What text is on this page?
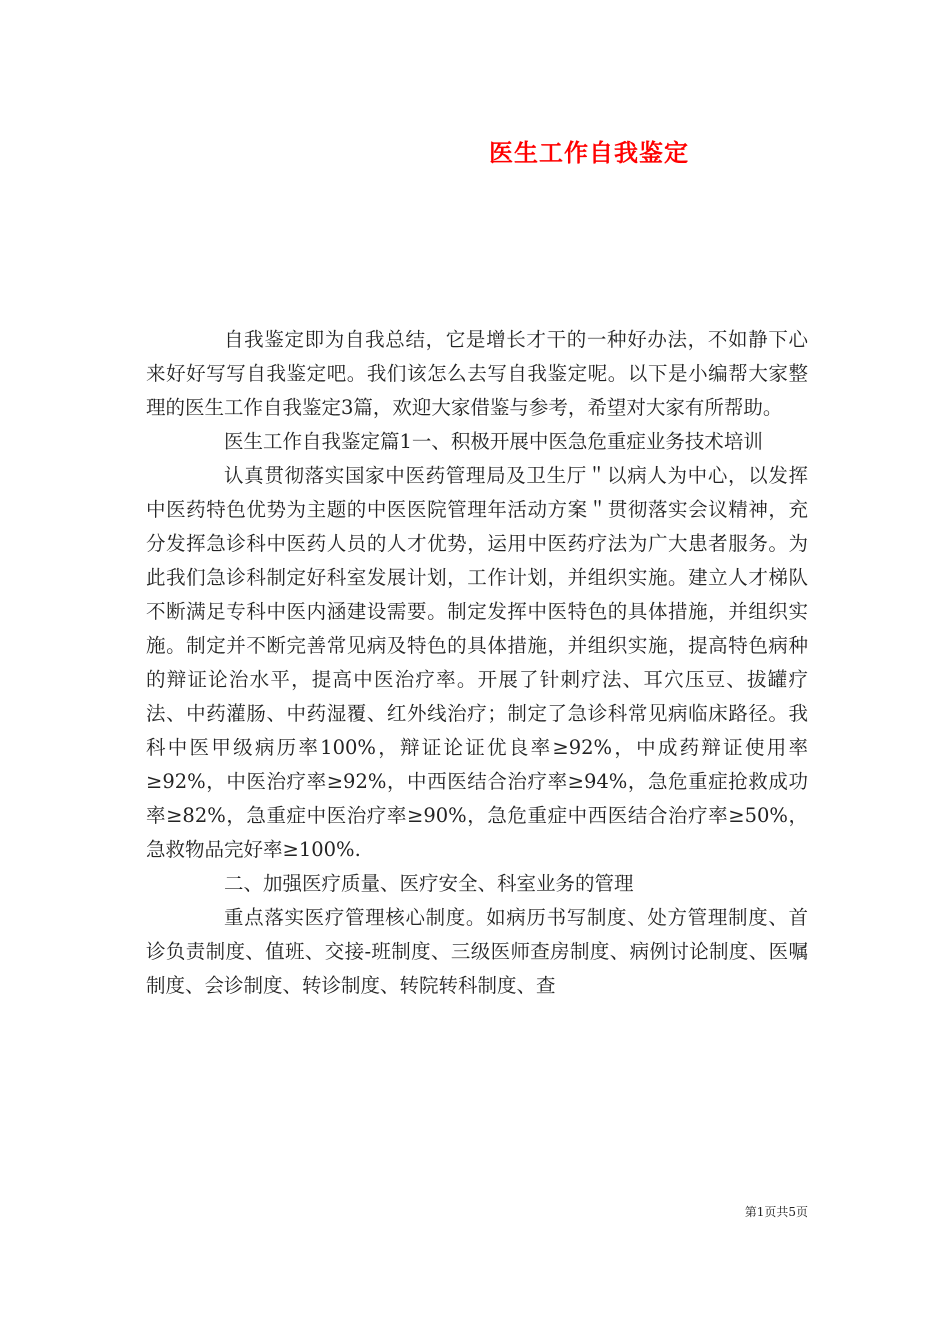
医生工作自我鉴定

自我鉴定即为自我总结，它是增长才干的一种好办法，不如静下心来好好写写自我鉴定吧。我们该怎么去写自我鉴定呢。以下是小编帮大家整理的医生工作自我鉴定3篇，欢迎大家借鉴与参考，希望对大家有所帮助。

医生工作自我鉴定篇1一、积极开展中医急危重症业务技术培训

认真贯彻落实国家中医药管理局及卫生厅＂以病人为中心，以发挥中医药特色优势为主题的中医医院管理年活动方案＂贯彻落实会议精神，充分发挥急诊科中医药人员的人才优势，运用中医药疗法为广大患者服务。为此我们急诊科制定好科室发展计划，工作计划，并组织实施。建立人才梯队不断满足专科中医内涵建设需要。制定发挥中医特色的具体措施，并组织实施。制定并不断完善常见病及特色的具体措施，并组织实施，提高特色病种的辩证论治水平，提高中医治疗率。开展了针刺疗法、耳穴压豆、拔罐疗法、中药灌肠、中药湿覆、红外线治疗；制定了急诊科常见病临床路径。我科中医甲级病历率100%，辩证论证优良率≥92%，中成药辩证使用率≥92%，中医治疗率≥92%，中西医结合治疗率≥94%，急危重症抢救成功率≥82%，急重症中医治疗率≥90%，急危重症中西医结合治疗率≥50%，急救物品完好率≥100%.

二、加强医疗质量、医疗安全、科室业务的管理

重点落实医疗管理核心制度。如病历书写制度、处方管理制度、首诊负责制度、值班、交接-班制度、三级医师查房制度、病例讨论制度、医嘱制度、会诊制度、转诊制度、转院转科制度、查

第1页共5页
